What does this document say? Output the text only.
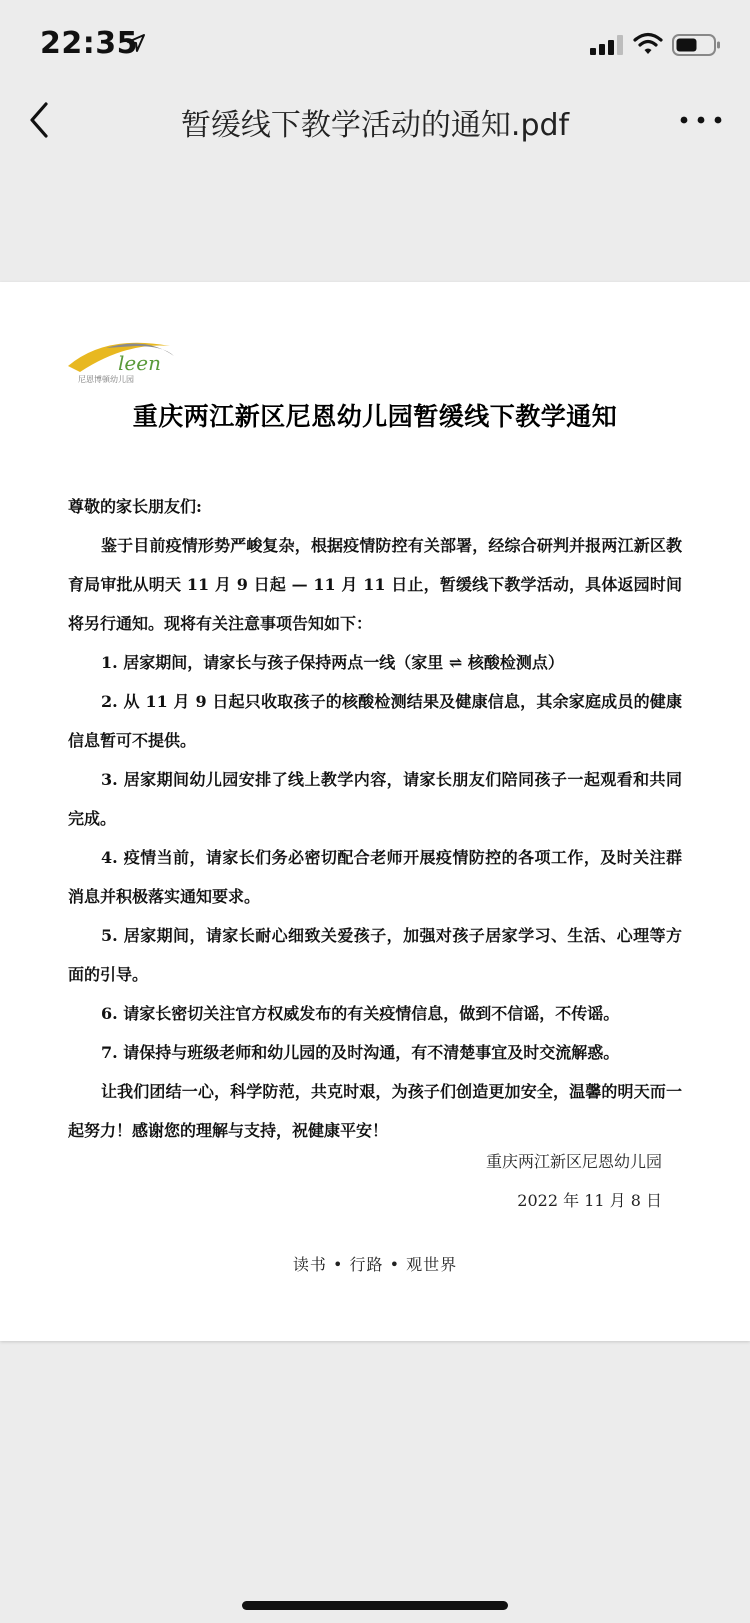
22:35
暂缓线下教学活动的通知.pdf
leen
尼恩博頓幼儿园
重庆两江新区尼恩幼儿园暂缓线下教学通知

尊敬的家长朋友们:

鉴于目前疫情形势严峻复杂，根据疫情防控有关部署，经综合研判并报两江新区教育局审批从明天 11 月 9 日起 — 11 月 11 日止，暂缓线下教学活动，具体返园时间将另行通知。现将有关注意事项告知如下：

1. 居家期间，请家长与孩子保持两点一线（家里 ⇌ 核酸检测点）

2. 从 11 月 9 日起只收取孩子的核酸检测结果及健康信息，其余家庭成员的健康信息暂可不提供。

3. 居家期间幼儿园安排了线上教学内容，请家长朋友们陪同孩子一起观看和共同完成。

4. 疫情当前，请家长们务必密切配合老师开展疫情防控的各项工作，及时关注群消息并积极落实通知要求。

5. 居家期间，请家长耐心细致关爱孩子，加强对孩子居家学习、生活、心理等方面的引导。

6. 请家长密切关注官方权威发布的有关疫情信息，做到不信谣，不传谣。

7. 请保持与班级老师和幼儿园的及时沟通，有不清楚事宜及时交流解惑。

让我们团结一心，科学防范，共克时艰，为孩子们创造更加安全，温馨的明天而一起努力！感谢您的理解与支持，祝健康平安！

重庆两江新区尼恩幼儿园
2022 年 11 月 8 日
读书 • 行路 • 观世界
